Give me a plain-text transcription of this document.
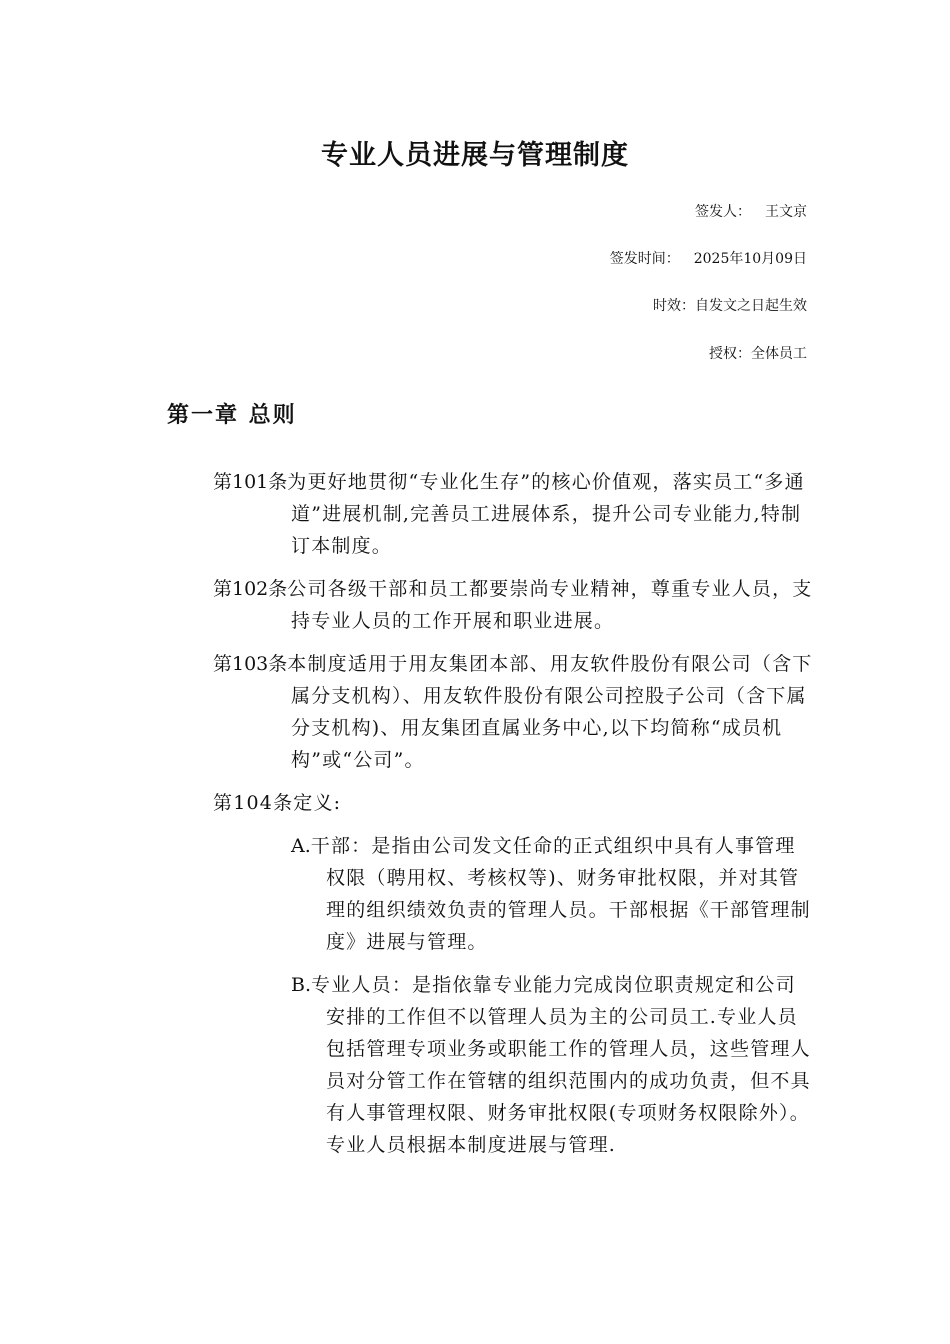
专业人员进展与管理制度
签发人： 王文京
签发时间： 2025年10月09日
时效：自发文之日起生效
授权：全体员工
第一章 总则

第101条为更好地贯彻“专业化生存”的核心价值观，落实员工“多通道”进展机制,完善员工进展体系，提升公司专业能力,特制订本制度。

第102条公司各级干部和员工都要崇尚专业精神，尊重专业人员，支持专业人员的工作开展和职业进展。

第103条本制度适用于用友集团本部、用友软件股份有限公司（含下属分支机构）、用友软件股份有限公司控股子公司（含下属分支机构)、用友集团直属业务中心,以下均简称“成员机构”或“公司”。

第104条定义:

A.干部：是指由公司发文任命的正式组织中具有人事管理权限（聘用权、考核权等)、财务审批权限，并对其管理的组织绩效负责的管理人员。干部根据《干部管理制度》进展与管理。

B.专业人员：是指依靠专业能力完成岗位职责规定和公司安排的工作但不以管理人员为主的公司员工.专业人员包括管理专项业务或职能工作的管理人员，这些管理人员对分管工作在管辖的组织范围内的成功负责，但不具有人事管理权限、财务审批权限(专项财务权限除外）。专业人员根据本制度进展与管理.
